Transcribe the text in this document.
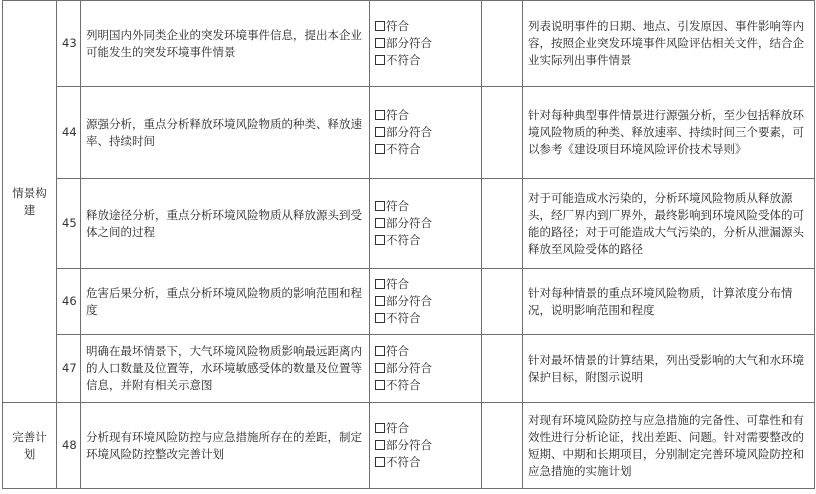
情景构建	43	列明国内外同类企业的突发环境事件信息，提出本企业可能发生的突发环境事件情景	符合
部分符合
不符合		列表说明事件的日期、地点、引发原因、事件影响等内容，按照企业突发环境事件风险评估相关文件，结合企业实际列出事件情景
	44	源强分析，重点分析释放环境风险物质的种类、释放速率、持续时间	符合
部分符合
不符合		针对每种典型事件情景进行源强分析，至少包括释放环境风险物质的种类、释放速率、持续时间三个要素，可以参考《建设项目环境风险评价技术导则》
	45	释放途径分析，重点分析环境风险物质从释放源头到受体之间的过程	符合
部分符合
不符合		对于可能造成水污染的，分析环境风险物质从释放源头，经厂界内到厂界外，最终影响到环境风险受体的可能的路径；对于可能造成大气污染的，分析从泄漏源头释放至风险受体的路径
	46	危害后果分析，重点分析环境风险物质的影响范围和程度	符合
部分符合
不符合		针对每种情景的重点环境风险物质，计算浓度分布情况，说明影响范围和程度
	47	明确在最坏情景下，大气环境风险物质影响最远距离内的人口数量及位置等，水环境敏感受体的数量及位置等信息，并附有相关示意图	符合
部分符合
不符合		针对最坏情景的计算结果，列出受影响的大气和水环境保护目标，附图示说明

完善计划	48	分析现有环境风险防控与应急措施所存在的差距，制定环境风险防控整改完善计划	符合
部分符合
不符合		对现有环境风险防控与应急措施的完备性、可靠性和有效性进行分析论证，找出差距、问题。针对需要整改的短期、中期和长期项目，分别制定完善环境风险防控和应急措施的实施计划
